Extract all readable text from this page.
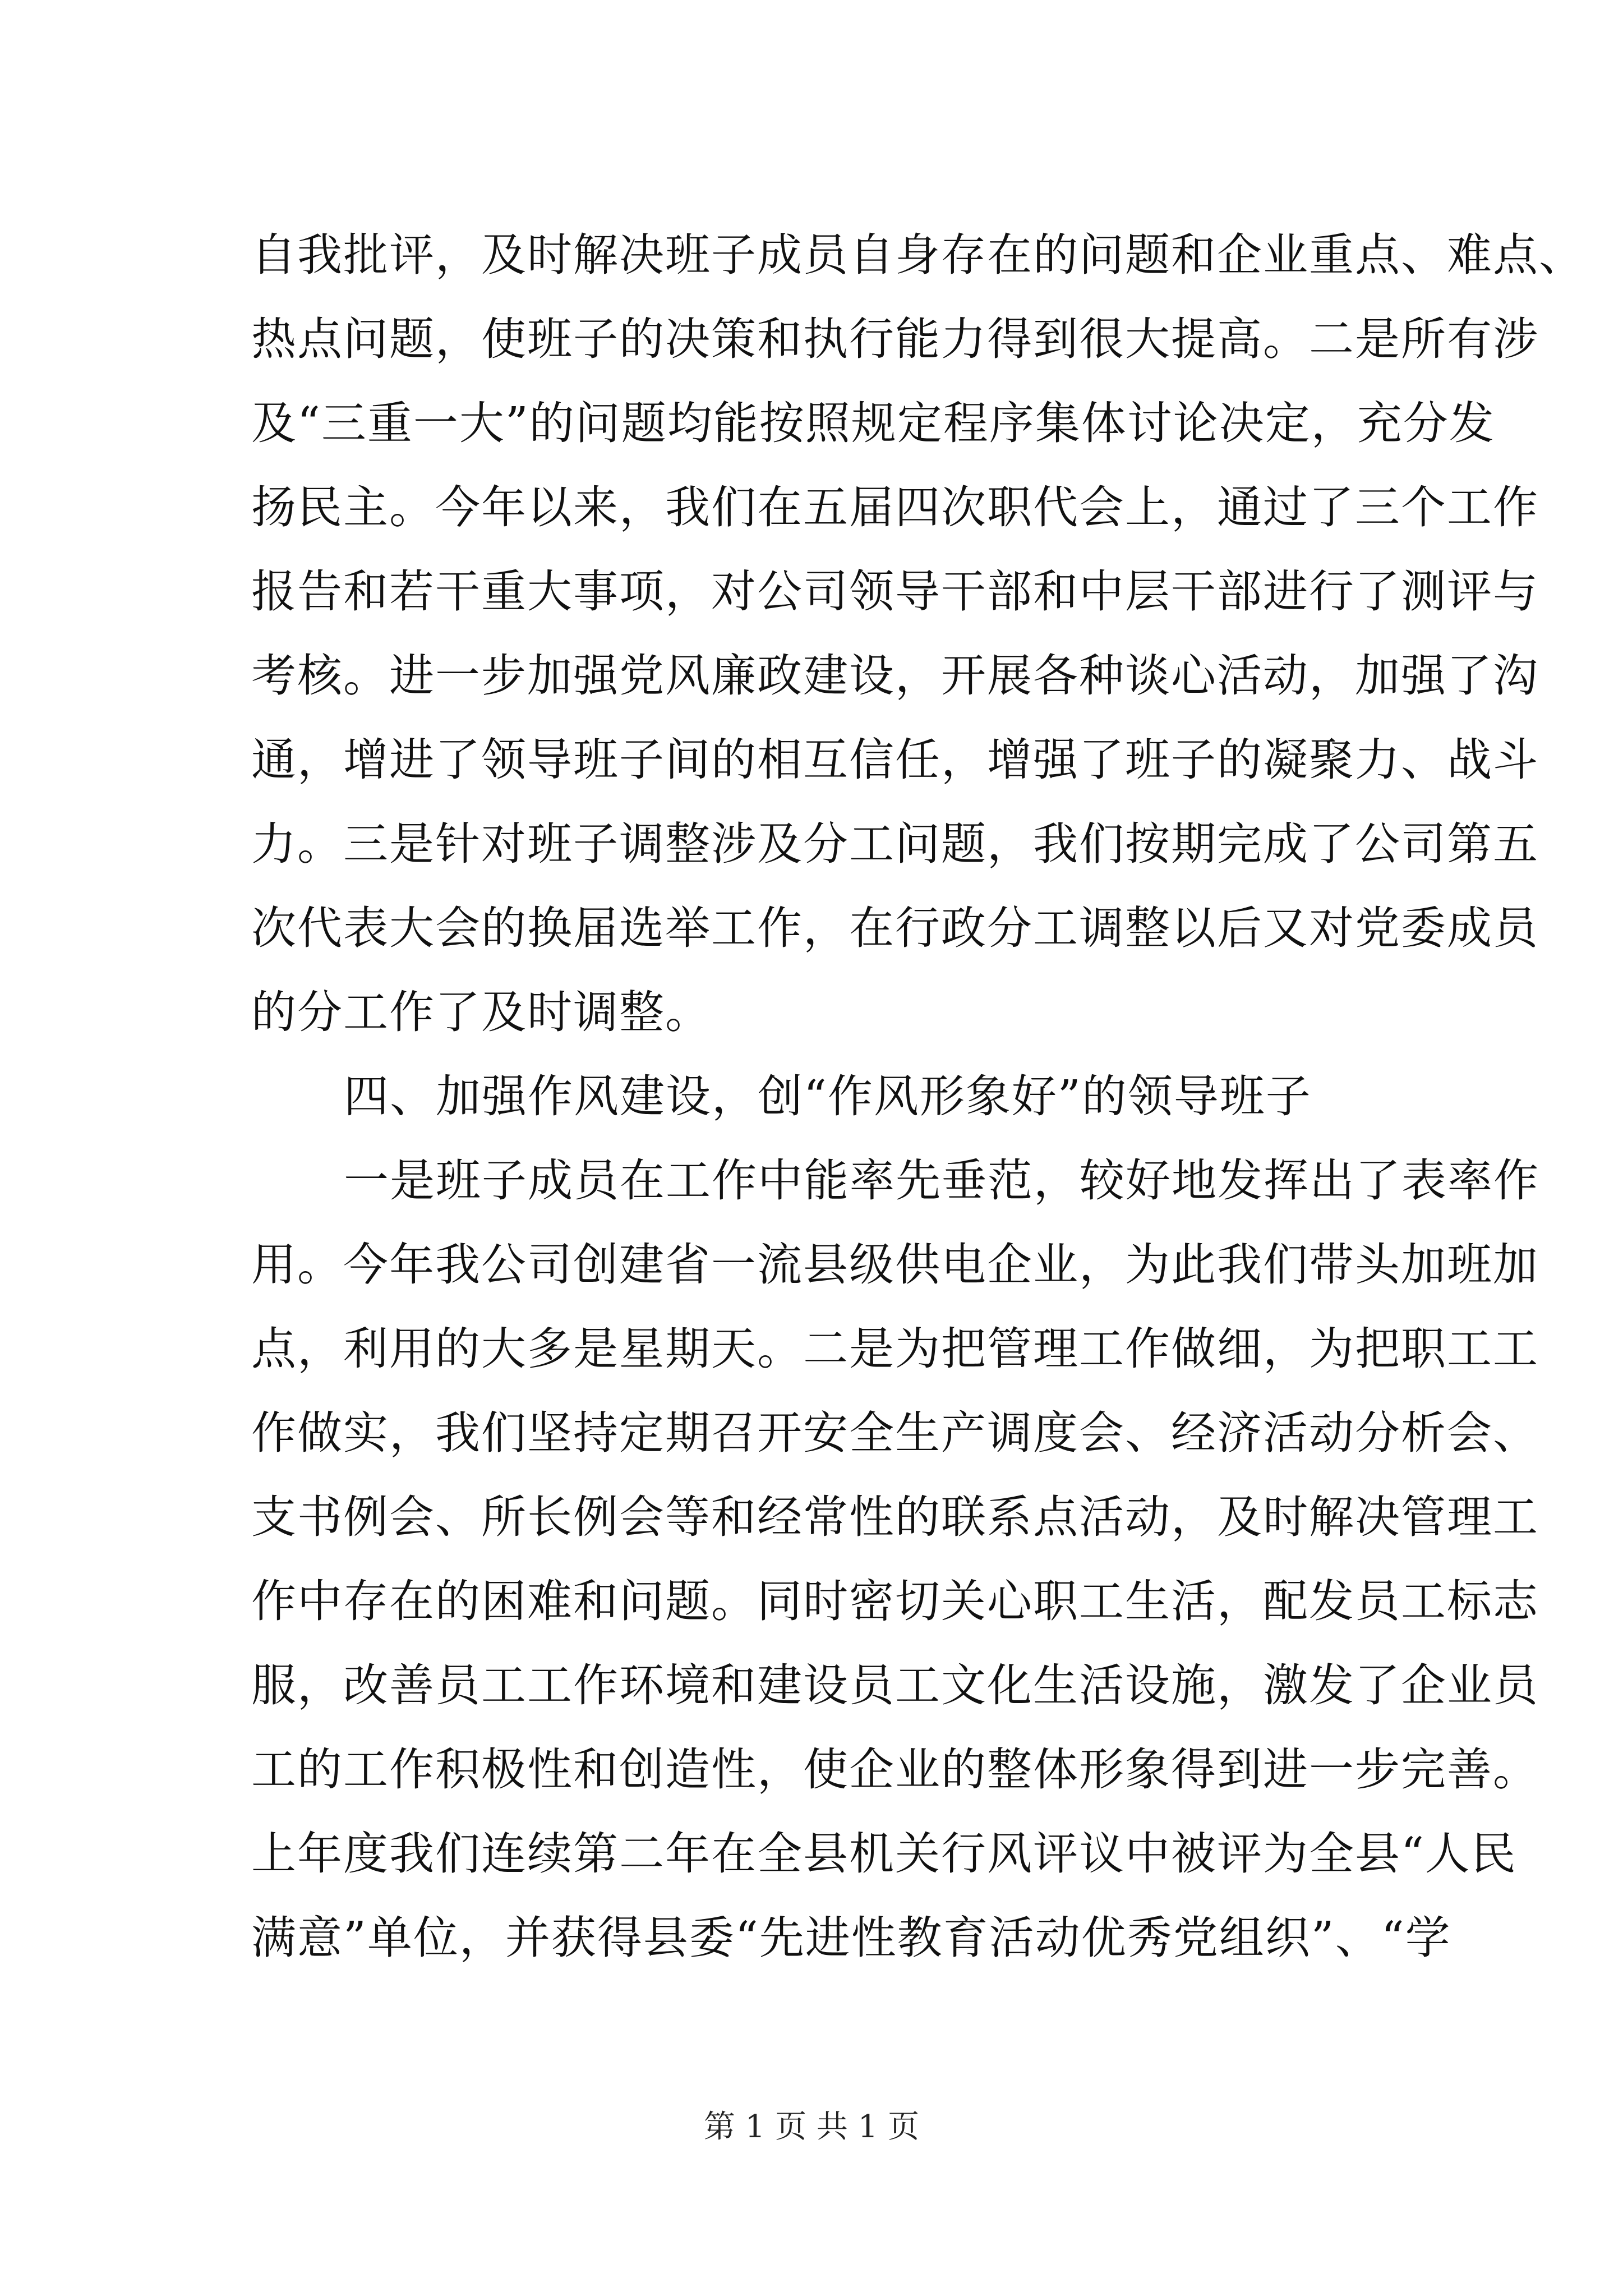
自我批评，及时解决班子成员自身存在的问题和企业重点、难点、
热点问题，使班子的决策和执行能力得到很大提高。二是所有涉
及“三重一大”的问题均能按照规定程序集体讨论决定，充分发
扬民主。今年以来，我们在五届四次职代会上，通过了三个工作
报告和若干重大事项，对公司领导干部和中层干部进行了测评与
考核。进一步加强党风廉政建设，开展各种谈心活动，加强了沟
通，增进了领导班子间的相互信任，增强了班子的凝聚力、战斗
力。三是针对班子调整涉及分工问题，我们按期完成了公司第五
次代表大会的换届选举工作，在行政分工调整以后又对党委成员
的分工作了及时调整。
四、加强作风建设，创“作风形象好”的领导班子
一是班子成员在工作中能率先垂范，较好地发挥出了表率作
用。今年我公司创建省一流县级供电企业，为此我们带头加班加
点，利用的大多是星期天。二是为把管理工作做细，为把职工工
作做实，我们坚持定期召开安全生产调度会、经济活动分析会、
支书例会、所长例会等和经常性的联系点活动，及时解决管理工
作中存在的困难和问题。同时密切关心职工生活，配发员工标志
服，改善员工工作环境和建设员工文化生活设施，激发了企业员
工的工作积极性和创造性，使企业的整体形象得到进一步完善。
上年度我们连续第二年在全县机关行风评议中被评为全县“人民
满意”单位，并获得县委“先进性教育活动优秀党组织”、“学
第 1 页 共 1 页
